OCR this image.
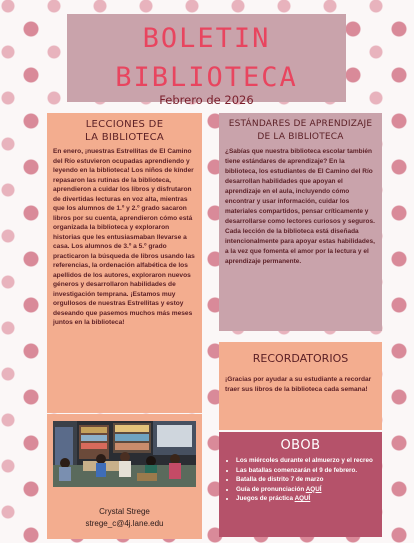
BOLETIN
BIBLIOTECA
Febrero de 2026
LECCIONES DE
LA BIBLIOTECA

En enero, ¡nuestras Estrellitas de El Camino del Río estuvieron ocupadas aprendiendo y leyendo en la biblioteca! Los niños de kínder repasaron las rutinas de la biblioteca, aprendieron a cuidar los libros y disfrutaron de divertidas lecturas en voz alta, mientras que los alumnos de 1.º y 2.º grado sacaron libros por su cuenta, aprendieron cómo está organizada la biblioteca y exploraron historias que les entusiasmaban llevarse a casa. Los alumnos de 3.º a 5.º grado practicaron la búsqueda de libros usando las referencias, la ordenación alfabética de los apellidos de los autores, exploraron nuevos géneros y desarrollaron habilidades de investigación temprana. ¡Estamos muy orgullosos de nuestras Estrellitas y estoy deseando que pasemos muchos más meses juntos en la biblioteca!

ESTÁNDARES DE APRENDIZAJE
DE LA BIBLIOTECA

¿Sabías que nuestra biblioteca escolar también tiene estándares de aprendizaje? En la biblioteca, los estudiantes de El Camino del Río desarrollan habilidades que apoyan el aprendizaje en el aula, incluyendo cómo encontrar y usar información, cuidar los materiales compartidos, pensar críticamente y desarrollarse como lectores curiosos y seguros. Cada lección de la biblioteca está diseñada intencionalmente para apoyar estas habilidades, a la vez que fomenta el amor por la lectura y el aprendizaje permanente.

RECORDATORIOS

¡Gracias por ayudar a su estudiante a recordar traer sus libros de la biblioteca cada semana!

OBOB
• Los miércoles durante el almuerzo y el recreo
• Las batallas comenzarán el 9 de febrero.
• Batalla de distrito 7 de marzo
• Guía de pronunciación AQUÍ
• Juegos de práctica AQUÍ
Crystal Strege
strege_c@4j.lane.edu
